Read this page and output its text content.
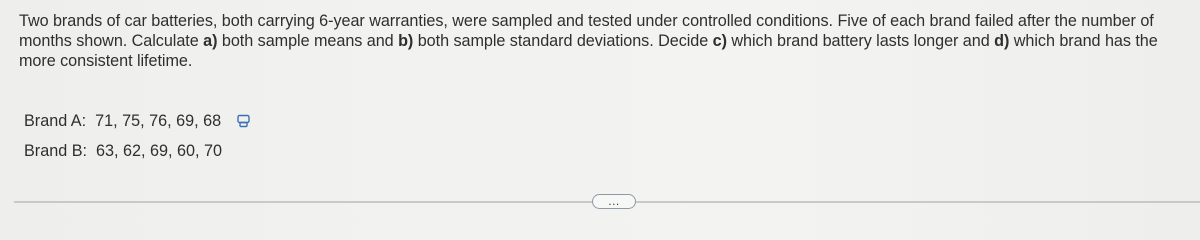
Two brands of car batteries, both carrying 6-year warranties, were sampled and tested under controlled conditions. Five of each brand failed after the number of months shown. Calculate a) both sample means and b) both sample standard deviations. Decide c) which brand battery lasts longer and d) which brand has the more consistent lifetime.
Brand A: 71, 75, 76, 69, 68
Brand B: 63, 62, 69, 60, 70
...
